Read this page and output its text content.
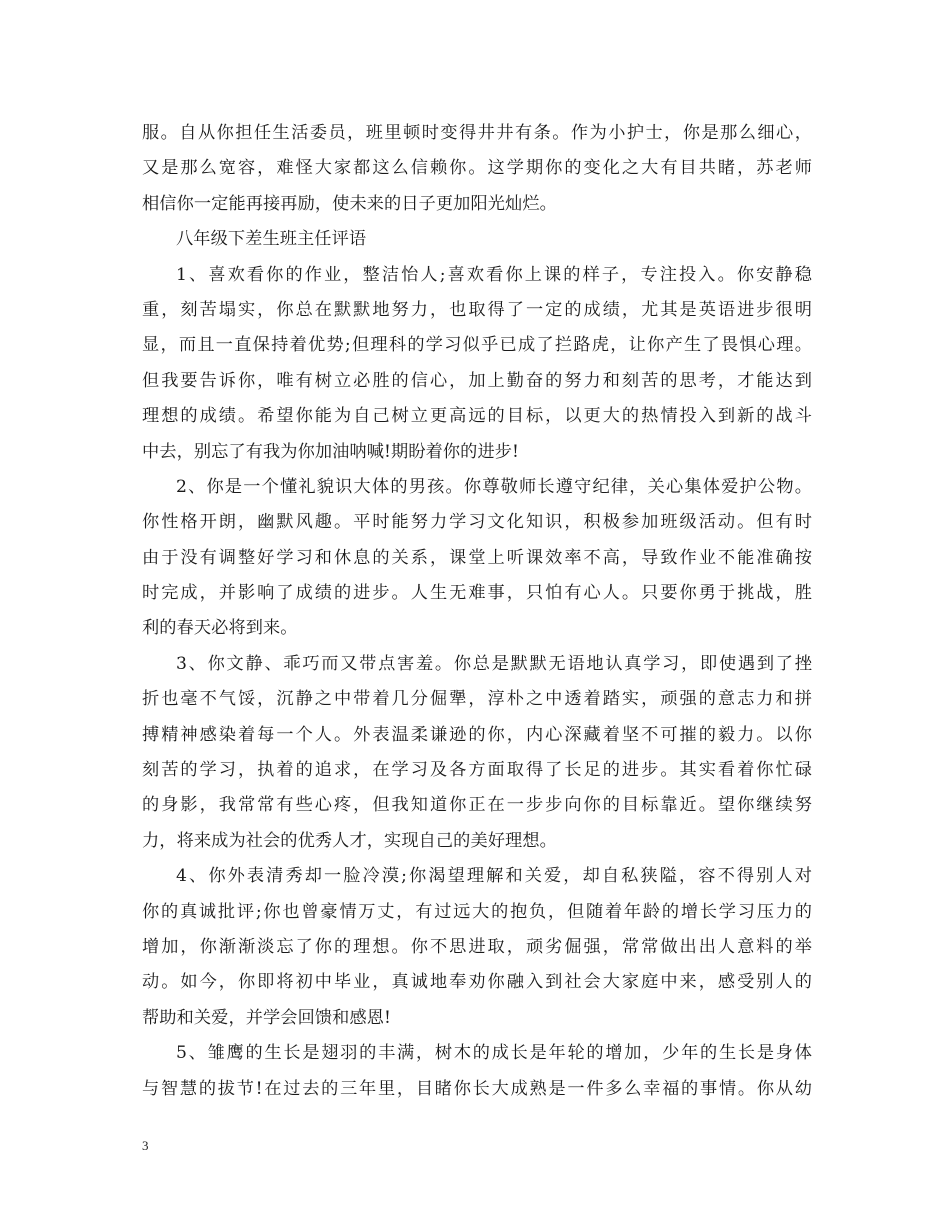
服。自从你担任生活委员，班里顿时变得井井有条。作为小护士，你是那么细心，
又是那么宽容，难怪大家都这么信赖你。这学期你的变化之大有目共睹，苏老师
相信你一定能再接再励，使未来的日子更加阳光灿烂。
八年级下差生班主任评语
1、喜欢看你的作业，整洁怡人;喜欢看你上课的样子，专注投入。你安静稳
重，刻苦塌实，你总在默默地努力，也取得了一定的成绩，尤其是英语进步很明
显，而且一直保持着优势;但理科的学习似乎已成了拦路虎，让你产生了畏惧心理。
但我要告诉你，唯有树立必胜的信心，加上勤奋的努力和刻苦的思考，才能达到
理想的成绩。希望你能为自己树立更高远的目标，以更大的热情投入到新的战斗
中去，别忘了有我为你加油呐喊!期盼着你的进步!
2、你是一个懂礼貌识大体的男孩。你尊敬师长遵守纪律，关心集体爱护公物。
你性格开朗，幽默风趣。平时能努力学习文化知识，积极参加班级活动。但有时
由于没有调整好学习和休息的关系，课堂上听课效率不高，导致作业不能准确按
时完成，并影响了成绩的进步。人生无难事，只怕有心人。只要你勇于挑战，胜
利的春天必将到来。
3、你文静、乖巧而又带点害羞。你总是默默无语地认真学习，即使遇到了挫
折也毫不气馁，沉静之中带着几分倔犟，淳朴之中透着踏实，顽强的意志力和拼
搏精神感染着每一个人。外表温柔谦逊的你，内心深藏着坚不可摧的毅力。以你
刻苦的学习，执着的追求，在学习及各方面取得了长足的进步。其实看着你忙碌
的身影，我常常有些心疼，但我知道你正在一步步向你的目标靠近。望你继续努
力，将来成为社会的优秀人才，实现自己的美好理想。
4、你外表清秀却一脸冷漠;你渴望理解和关爱，却自私狭隘，容不得别人对
你的真诚批评;你也曾豪情万丈，有过远大的抱负，但随着年龄的增长学习压力的
增加，你渐渐淡忘了你的理想。你不思进取，顽劣倔强，常常做出出人意料的举
动。如今，你即将初中毕业，真诚地奉劝你融入到社会大家庭中来，感受别人的
帮助和关爱，并学会回馈和感恩!
5、雏鹰的生长是翅羽的丰满，树木的成长是年轮的增加，少年的生长是身体
与智慧的拔节!在过去的三年里，目睹你长大成熟是一件多么幸福的事情。你从幼
3
